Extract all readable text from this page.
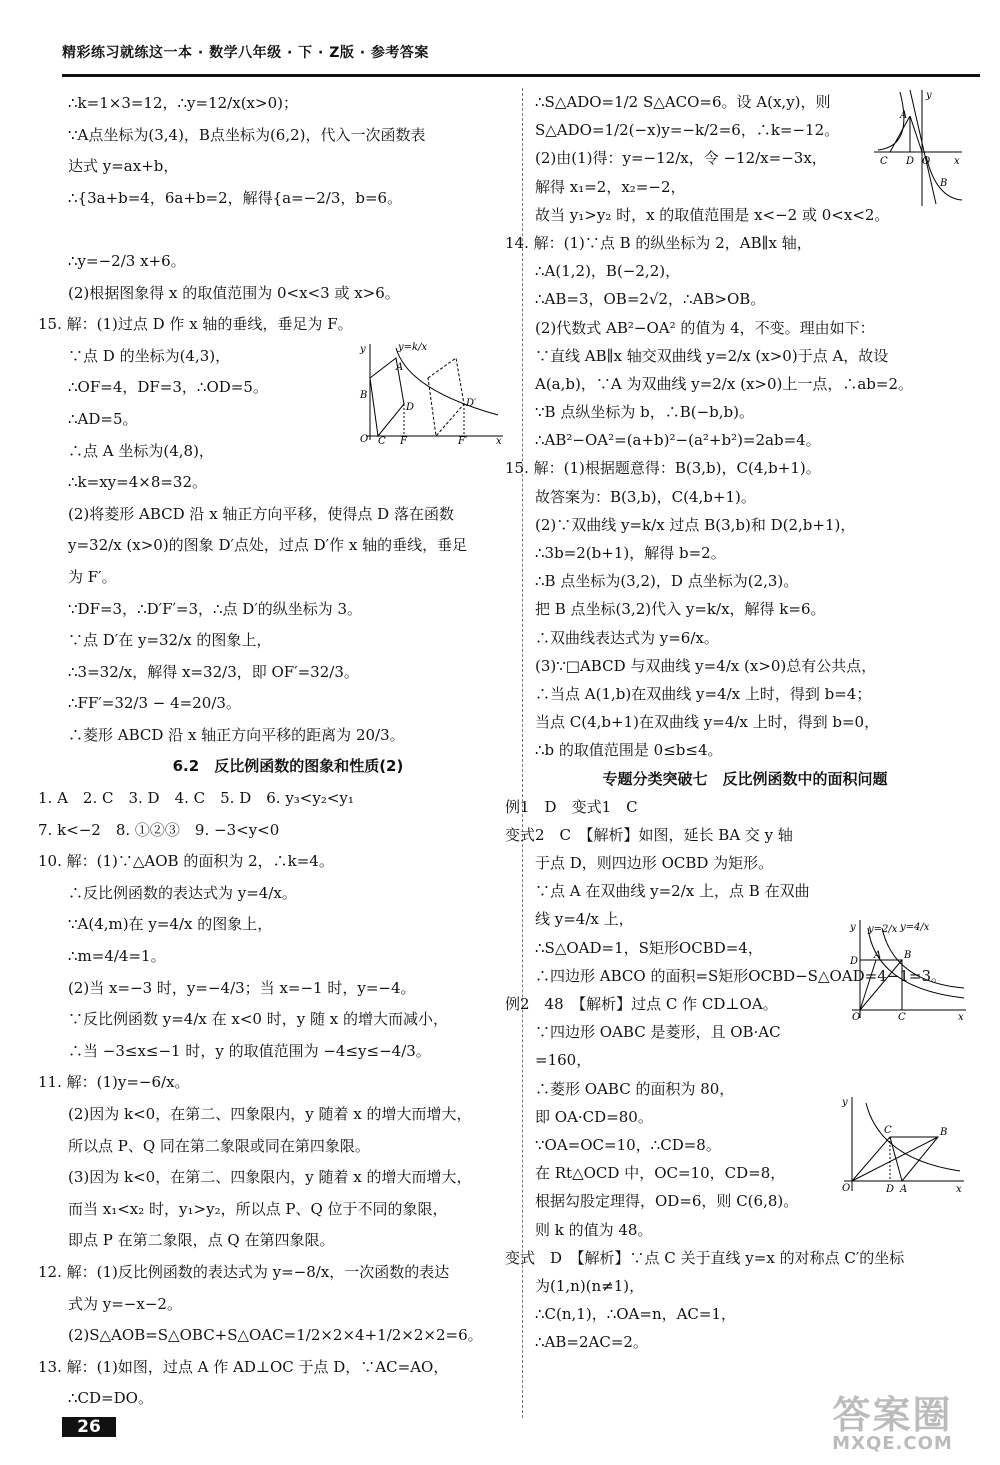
精彩练习就练这一本 · 数学八年级 · 下 · Z版 · 参考答案
∴k=1×3=12，∴y=12/x(x>0)；
∵A点坐标为(3,4)，B点坐标为(6,2)，代入一次函数表
达式 y=ax+b，
∴{3a+b=4，6a+b=2，解得{a=−2/3，b=6。
∴y=−2/3 x+6。
(2)根据图象得 x 的取值范围为 0<x<3 或 x>6。
15. 解：(1)过点 D 作 x 轴的垂线，垂足为 F。
∵点 D 的坐标为(4,3)，
∴OF=4，DF=3，∴OD=5。
∴AD=5。
∴点 A 坐标为(4,8)，
∴k=xy=4×8=32。
(2)将菱形 ABCD 沿 x 轴正方向平移，使得点 D 落在函数
y=32/x (x>0)的图象 D′点处，过点 D′作 x 轴的垂线，垂足
为 F′。
∵DF=3，∴D′F′=3，∴点 D′的纵坐标为 3。
∵点 D′在 y=32/x 的图象上，
∴3=32/x，解得 x=32/3，即 OF′=32/3。
∴FF′=32/3 − 4=20/3。
∴菱形 ABCD 沿 x 轴正方向平移的距离为 20/3。
6.2　反比例函数的图象和性质(2)
1. A　2. C　3. D　4. C　5. D　6. y₃<y₂<y₁
7. k<−2　8. ①②③　9. −3<y<0
10. 解：(1)∵△AOB 的面积为 2，∴k=4。
∴反比例函数的表达式为 y=4/x。
∵A(4,m)在 y=4/x 的图象上，
∴m=4/4=1。
(2)当 x=−3 时，y=−4/3；当 x=−1 时，y=−4。
∵反比例函数 y=4/x 在 x<0 时，y 随 x 的增大而减小，
∴当 −3≤x≤−1 时，y 的取值范围为 −4≤y≤−4/3。
11. 解：(1)y=−6/x。
(2)因为 k<0，在第二、四象限内，y 随着 x 的增大而增大，
所以点 P、Q 同在第二象限或同在第四象限。
(3)因为 k<0，在第二、四象限内，y 随着 x 的增大而增大，
而当 x₁<x₂ 时，y₁>y₂，所以点 P、Q 位于不同的象限，
即点 P 在第二象限，点 Q 在第四象限。
12. 解：(1)反比例函数的表达式为 y=−8/x，一次函数的表达
式为 y=−x−2。
(2)S△AOB=S△OBC+S△OAC=1/2×2×4+1/2×2×2=6。
13. 解：(1)如图，过点 A 作 AD⊥OC 于点 D，∵AC=AO，
∴CD=DO。
∴S△ADO=1/2 S△ACO=6。设 A(x,y)，则
S△ADO=1/2(−x)y=−k/2=6，∴k=−12。
(2)由(1)得：y=−12/x，令 −12/x=−3x，
解得 x₁=2，x₂=−2，
故当 y₁>y₂ 时，x 的取值范围是 x<−2 或 0<x<2。
14. 解：(1)∵点 B 的纵坐标为 2，AB∥x 轴，
∴A(1,2)，B(−2,2)，
∴AB=3，OB=2√2，∴AB>OB。
(2)代数式 AB²−OA² 的值为 4，不变。理由如下：
∵直线 AB∥x 轴交双曲线 y=2/x (x>0)于点 A，故设
A(a,b)，∵A 为双曲线 y=2/x (x>0)上一点，∴ab=2。
∵B 点纵坐标为 b，∴B(−b,b)。
∴AB²−OA²=(a+b)²−(a²+b²)=2ab=4。
15. 解：(1)根据题意得：B(3,b)，C(4,b+1)。
故答案为：B(3,b)，C(4,b+1)。
(2)∵双曲线 y=k/x 过点 B(3,b)和 D(2,b+1)，
∴3b=2(b+1)，解得 b=2。
∴B 点坐标为(3,2)，D 点坐标为(2,3)。
把 B 点坐标(3,2)代入 y=k/x，解得 k=6。
∴双曲线表达式为 y=6/x。
(3)∵□ABCD 与双曲线 y=4/x (x>0)总有公共点，
∴当点 A(1,b)在双曲线 y=4/x 上时，得到 b=4；
当点 C(4,b+1)在双曲线 y=4/x 上时，得到 b=0，
∴b 的取值范围是 0≤b≤4。
专题分类突破七　反比例函数中的面积问题
例1　D　变式1　C
变式2　C　【解析】如图，延长 BA 交 y 轴
于点 D，则四边形 OCBD 为矩形。
∵点 A 在双曲线 y=2/x 上，点 B 在双曲
线 y=4/x 上，
∴S△OAD=1，S矩形OCBD=4，
∴四边形 ABCO 的面积=S矩形OCBD−S△OAD=4−1=3。
例2　48　【解析】过点 C 作 CD⊥OA。
∵四边形 OABC 是菱形，且 OB·AC
=160，
∴菱形 OABC 的面积为 80，
即 OA·CD=80。
∵OA=OC=10，∴CD=8。
在 Rt△OCD 中，OC=10，CD=8，
根据勾股定理得，OD=6，则 C(6,8)。
则 k 的值为 48。
变式　D　【解析】∵点 C 关于直线 y=x 的对称点 C′的坐标
为(1,n)(n≠1)，
∴C(n,1)，∴OA=n，AC=1，
∴AB=2AC=2。
y	y=k/x
A
B
D	D′
O C F	F′	x
y
A
C D O
B
x
y y=2/x y=4/x
D
A B
O	C	x
y
C	B
O	D A	x
26	答案圈
MXQE.COM
